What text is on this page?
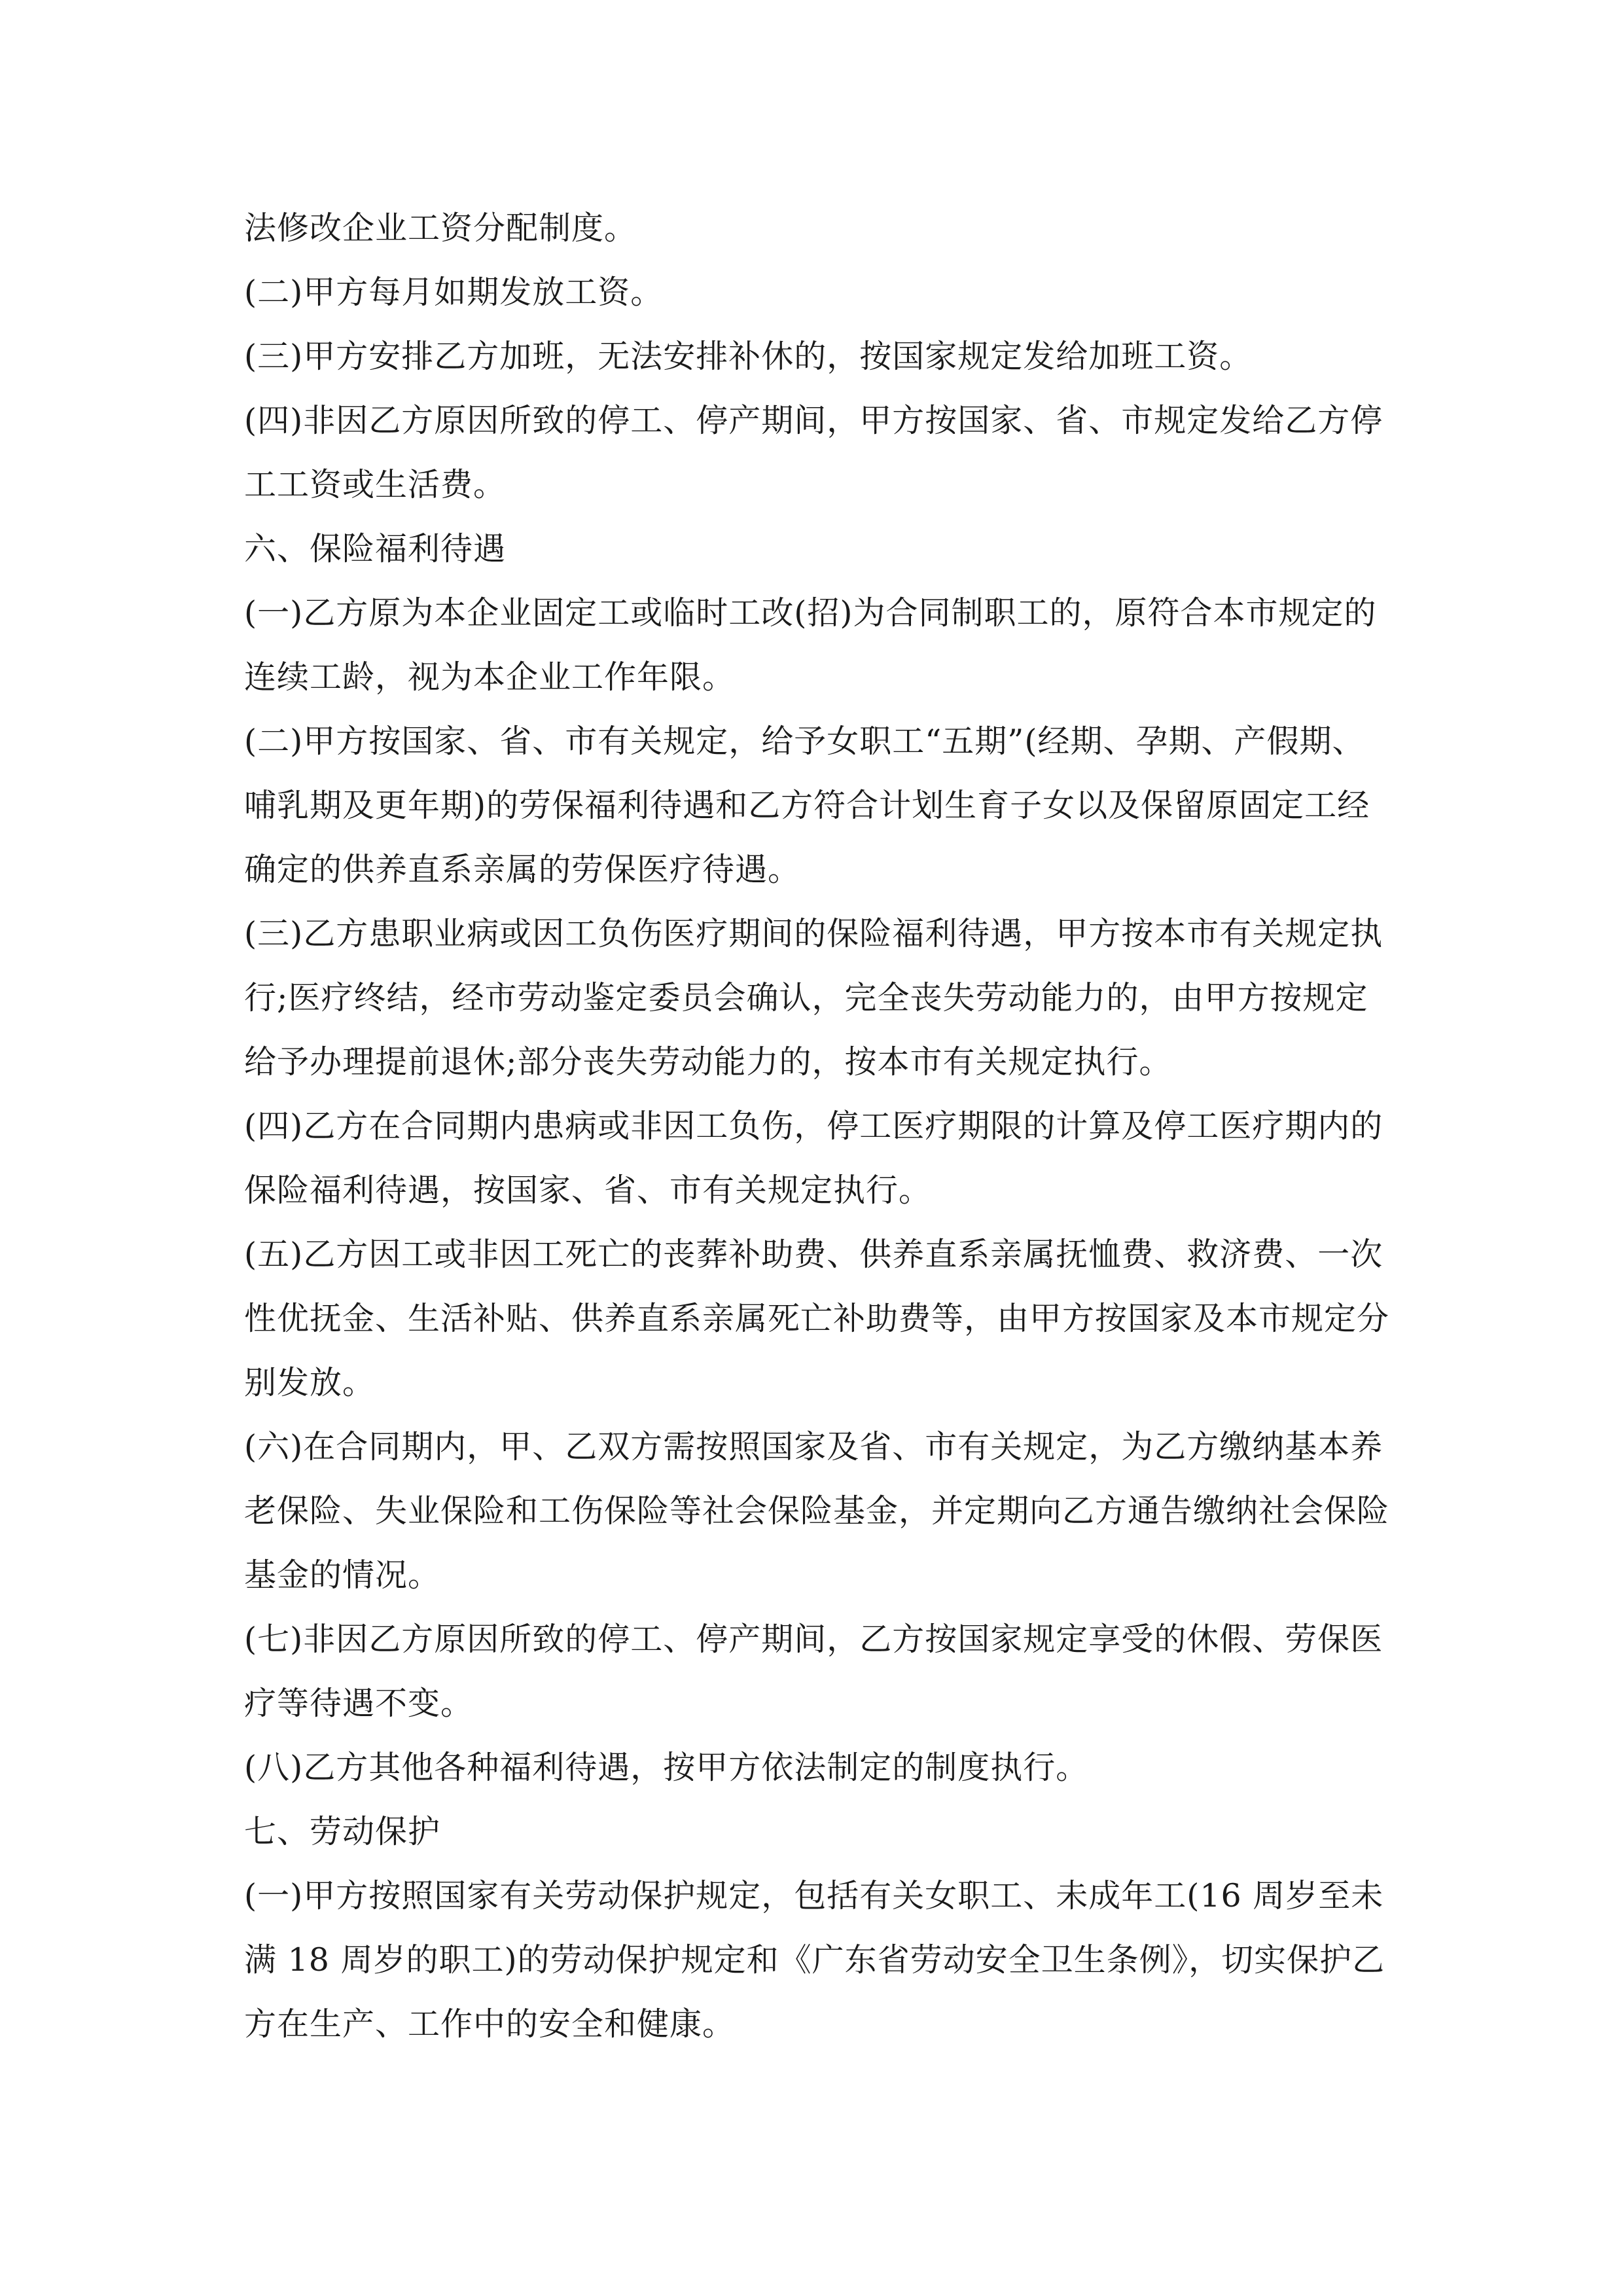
法修改企业工资分配制度。
(二)甲方每月如期发放工资。
(三)甲方安排乙方加班，无法安排补休的，按国家规定发给加班工资。
(四)非因乙方原因所致的停工、停产期间，甲方按国家、省、市规定发给乙方停
工工资或生活费。
六、保险福利待遇
(一)乙方原为本企业固定工或临时工改(招)为合同制职工的，原符合本市规定的
连续工龄，视为本企业工作年限。
(二)甲方按国家、省、市有关规定，给予女职工“五期”(经期、孕期、产假期、
哺乳期及更年期)的劳保福利待遇和乙方符合计划生育子女以及保留原固定工经
确定的供养直系亲属的劳保医疗待遇。
(三)乙方患职业病或因工负伤医疗期间的保险福利待遇，甲方按本市有关规定执
行;医疗终结，经市劳动鉴定委员会确认，完全丧失劳动能力的，由甲方按规定
给予办理提前退休;部分丧失劳动能力的，按本市有关规定执行。
(四)乙方在合同期内患病或非因工负伤，停工医疗期限的计算及停工医疗期内的
保险福利待遇，按国家、省、市有关规定执行。
(五)乙方因工或非因工死亡的丧葬补助费、供养直系亲属抚恤费、救济费、一次
性优抚金、生活补贴、供养直系亲属死亡补助费等，由甲方按国家及本市规定分
别发放。
(六)在合同期内，甲、乙双方需按照国家及省、市有关规定，为乙方缴纳基本养
老保险、失业保险和工伤保险等社会保险基金，并定期向乙方通告缴纳社会保险
基金的情况。
(七)非因乙方原因所致的停工、停产期间，乙方按国家规定享受的休假、劳保医
疗等待遇不变。
(八)乙方其他各种福利待遇，按甲方依法制定的制度执行。
七、劳动保护
(一)甲方按照国家有关劳动保护规定，包括有关女职工、未成年工(16 周岁至未
满 18 周岁的职工)的劳动保护规定和《广东省劳动安全卫生条例》，切实保护乙
方在生产、工作中的安全和健康。
